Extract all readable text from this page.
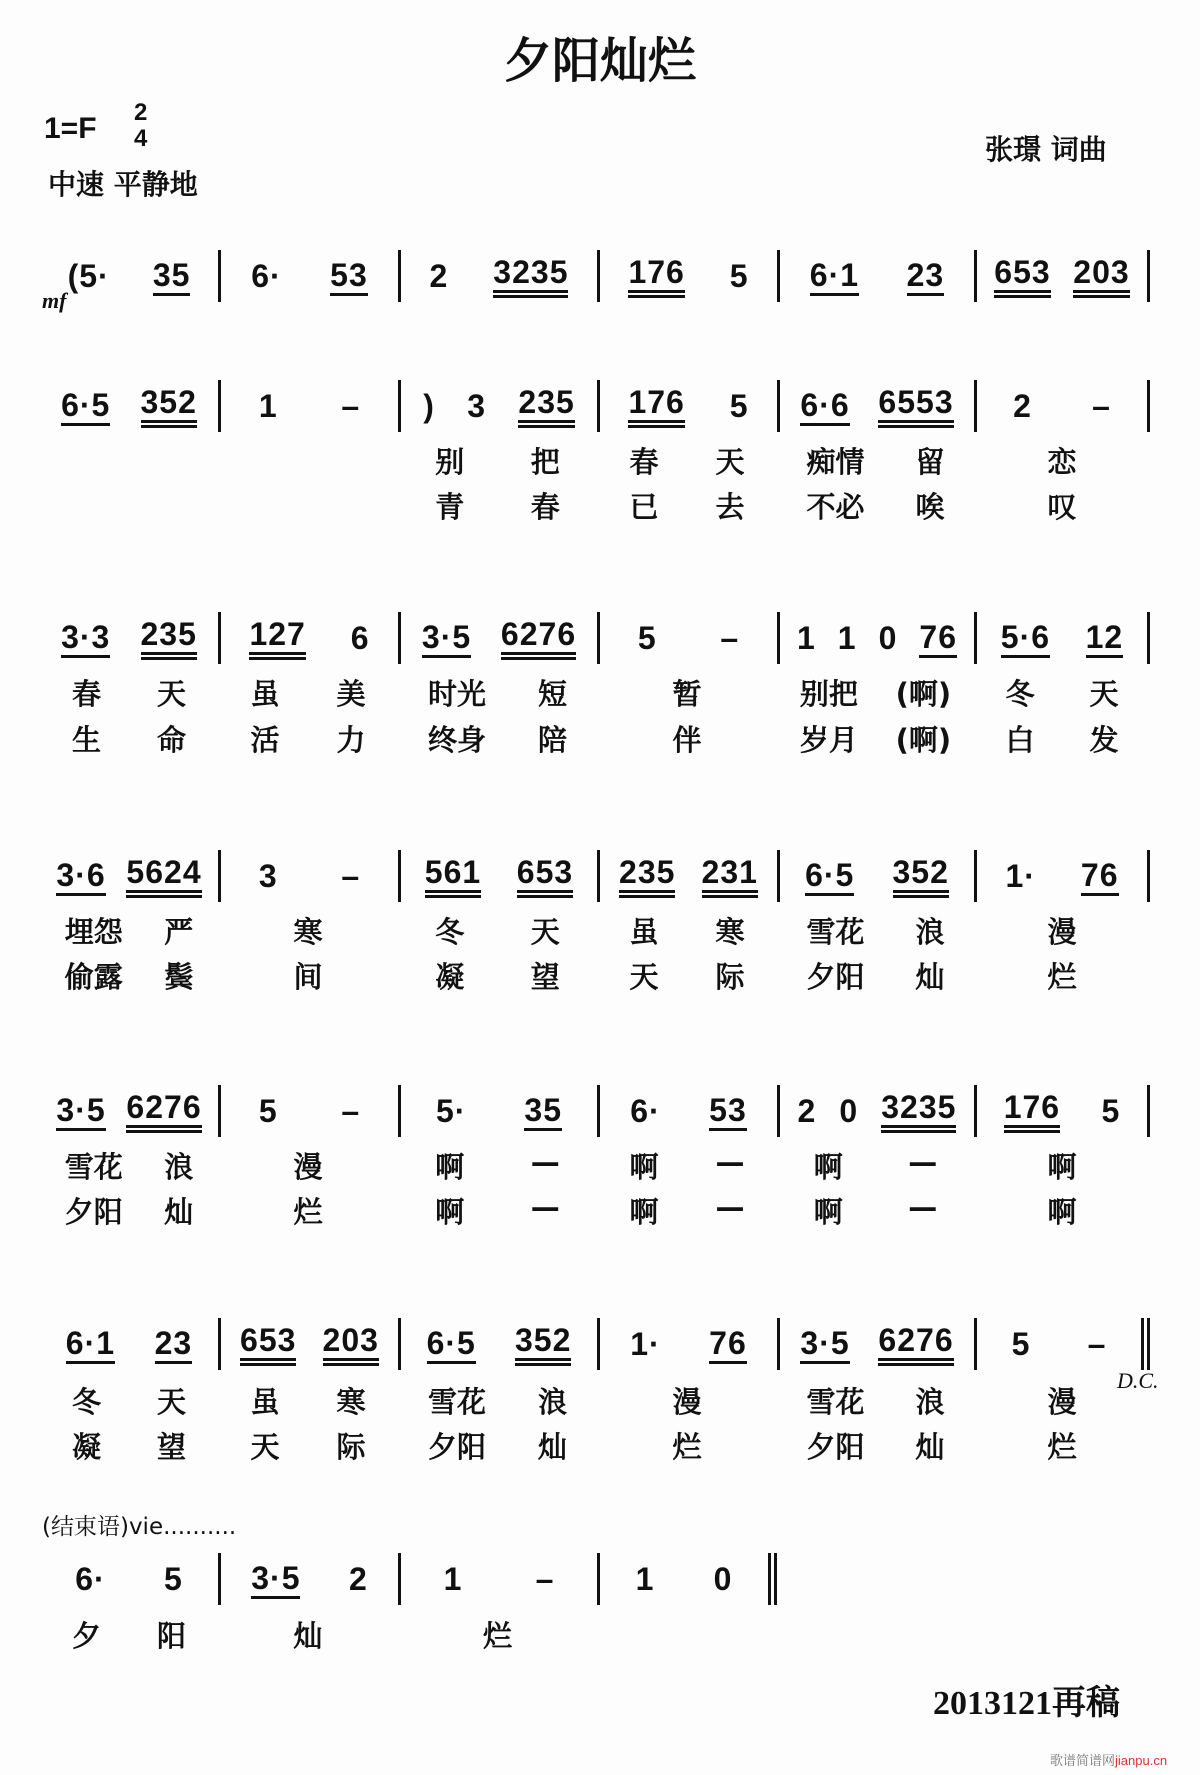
夕阳灿烂
1=F 2
4
中速 平静地
张璟 词曲
mf
D.C.
(结束语)vie..........
2013121再稿
歌谱简谱网jianpu.cn
(5· 35 6· 53 2 3235 176 5 6·1 23 653 203
6·5 352 1 – ) 3 235 176 5 6·6 6553 2 –
别 把 春 天 痴情 留	恋
青 春 已 去 不必 唉	叹
3·3 235 127 6 3·5 6276 5 – 1 1 0 76 5·6 12
春 天 虽 美 时光 短	暂	别把 (啊) 冬 天
生 命 活 力 终身 陪	伴	岁月 (啊) 白 发
3·6 5624 3 – 561 653 235 231 6·5 352 1· 76
埋怨 严	寒	冬 天 虽 寒 雪花 浪	漫
偷露 鬓	间	凝 望 天 际 夕阳 灿	烂
3·5 6276 5 – 5· 35 6· 53 2 0 3235 176 5
雪花 浪	漫	啊 — 啊 — 啊 —	啊
夕阳 灿	烂	啊 — 啊 — 啊 —	啊
6·1 23 653 203 6·5 352 1· 76 3·5 6276 5 –
冬 天 虽 寒 雪花 浪	漫	雪花 浪	漫
凝 望 天 际 夕阳 灿	烂	夕阳 灿	烂
6· 5 3·5 2 1 –	1 0
夕 阳	灿	烂
